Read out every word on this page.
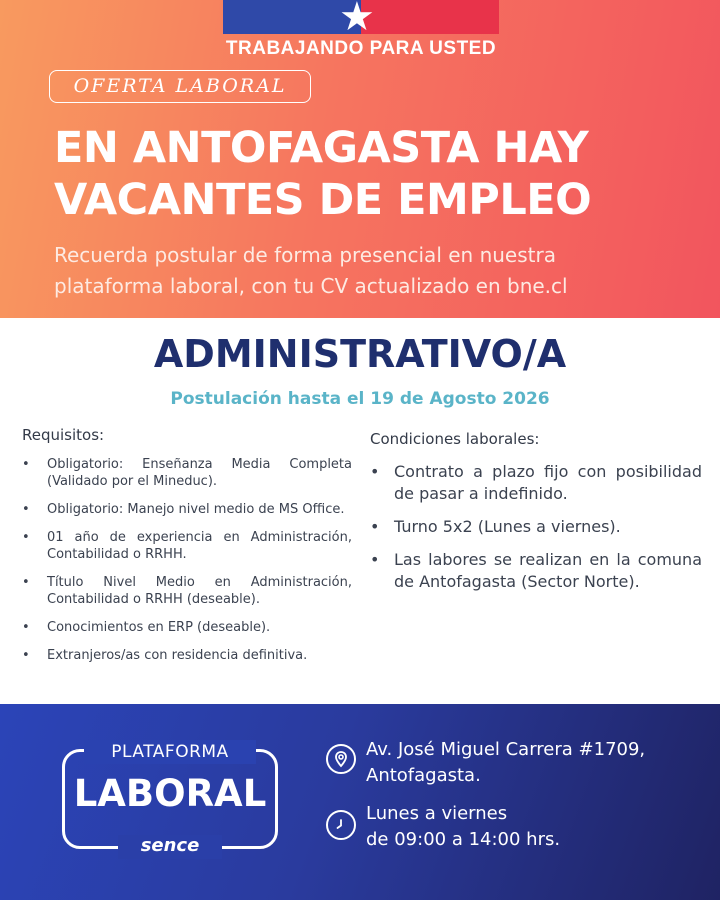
★
TRABAJANDO PARA USTED
OFERTA LABORAL
EN ANTOFAGASTA HAY
VACANTES DE EMPLEO
Recuerda postular de forma presencial en nuestra
plataforma laboral, con tu CV actualizado en bne.cl
ADMINISTRATIVO/A
Postulación hasta el 19 de Agosto 2026
Requisitos:
• Obligatorio: Enseñanza Media Completa (Validado por el Mineduc).
• Obligatorio: Manejo nivel medio de MS Office.
• 01 año de experiencia en Administración, Contabilidad o RRHH.
• Título Nivel Medio en Administración, Contabilidad o RRHH (deseable).
• Conocimientos en ERP (deseable).
• Extranjeros/as con residencia definitiva.
Condiciones laborales:
• Contrato a plazo fijo con posibilidad de pasar a indefinido.
• Turno 5x2 (Lunes a viernes).
• Las labores se realizan en la comuna de Antofagasta (Sector Norte).
PLATAFORMA
LABORAL
sence
Av. José Miguel Carrera #1709,
Antofagasta.
Lunes a viernes
de 09:00 a 14:00 hrs.
